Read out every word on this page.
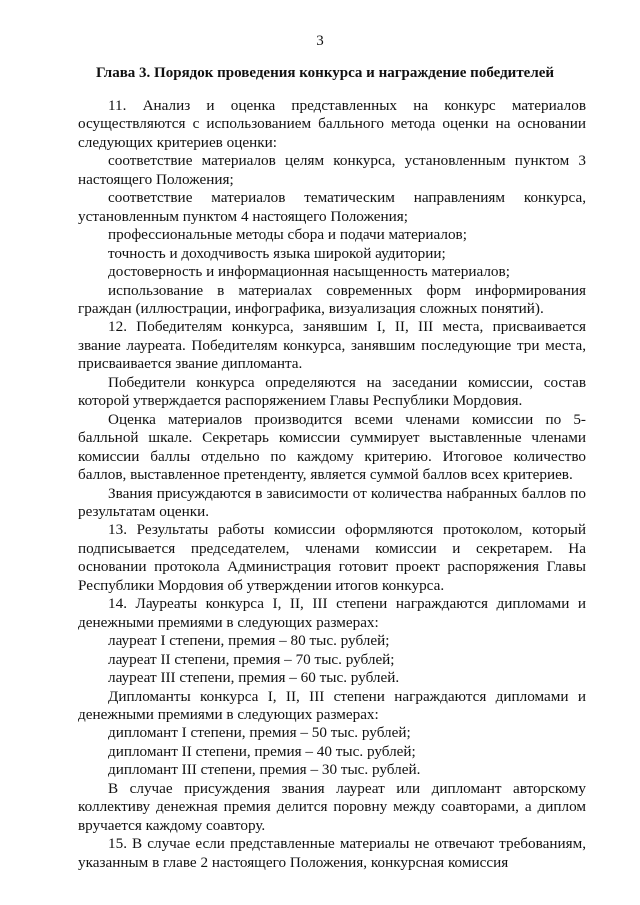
3
Глава 3. Порядок проведения конкурса и награждение победителей

11. Анализ и оценка представленных на конкурс материалов осуществляются с использованием балльного метода оценки на основании следующих критериев оценки:

соответствие материалов целям конкурса, установленным пунктом 3 настоящего Положения;

соответствие материалов тематическим направлениям конкурса, установленным пунктом 4 настоящего Положения;

профессиональные методы сбора и подачи материалов;

точность и доходчивость языка широкой аудитории;

достоверность и информационная насыщенность материалов;

использование в материалах современных форм информирования граждан (иллюстрации, инфографика, визуализация сложных понятий).

12. Победителям конкурса, занявшим I, II, III места, присваивается звание лауреата. Победителям конкурса, занявшим последующие три места, присваивается звание дипломанта.

Победители конкурса определяются на заседании комиссии, состав которой утверждается распоряжением Главы Республики Мордовия.

Оценка материалов производится всеми членами комиссии по 5-балльной шкале. Секретарь комиссии суммирует выставленные членами комиссии баллы отдельно по каждому критерию. Итоговое количество баллов, выставленное претенденту, является суммой баллов всех критериев.

Звания присуждаются в зависимости от количества набранных баллов по результатам оценки.

13. Результаты работы комиссии оформляются протоколом, который подписывается председателем, членами комиссии и секретарем. На основании протокола Администрация готовит проект распоряжения Главы Республики Мордовия об утверждении итогов конкурса.

14. Лауреаты конкурса I, II, III степени награждаются дипломами и денежными премиями в следующих размерах:

лауреат I степени, премия – 80 тыс. рублей;

лауреат II степени, премия – 70 тыс. рублей;

лауреат III степени, премия – 60 тыс. рублей.

Дипломанты конкурса I, II, III степени награждаются дипломами и денежными премиями в следующих размерах:

дипломант I степени, премия – 50 тыс. рублей;

дипломант II степени, премия – 40 тыс. рублей;

дипломант III степени, премия – 30 тыс. рублей.

В случае присуждения звания лауреат или дипломант авторскому коллективу денежная премия делится поровну между соавторами, а диплом вручается каждому соавтору.

15. В случае если представленные материалы не отвечают требованиям, указанным в главе 2 настоящего Положения, конкурсная комиссия
